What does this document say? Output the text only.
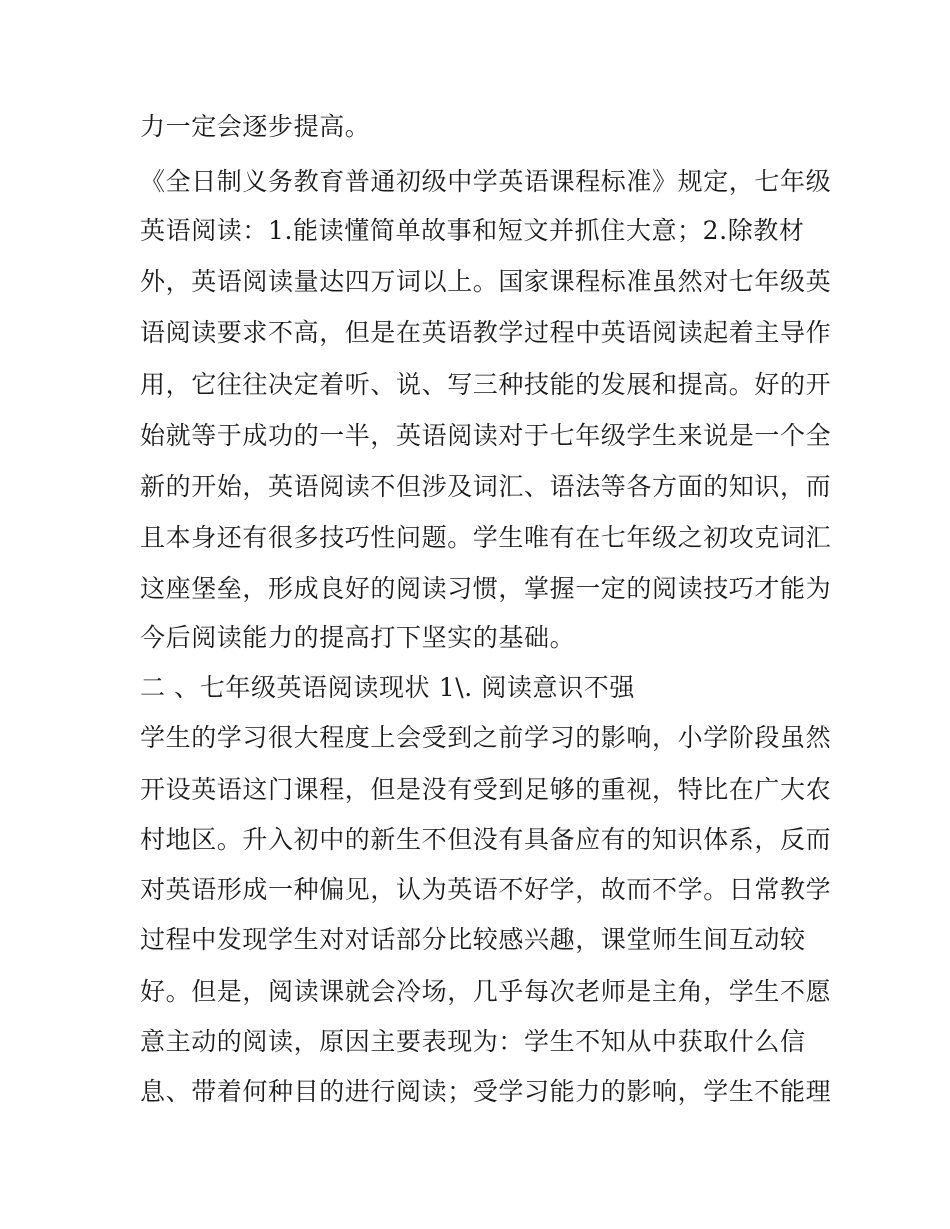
力一定会逐步提高。
《全日制义务教育普通初级中学英语课程标准》规定，七年级
英语阅读：1.能读懂简单故事和短文并抓住大意；2.除教材
外，英语阅读量达四万词以上。国家课程标准虽然对七年级英
语阅读要求不高，但是在英语教学过程中英语阅读起着主导作
用，它往往决定着听、说、写三种技能的发展和提高。好的开
始就等于成功的一半，英语阅读对于七年级学生来说是一个全
新的开始，英语阅读不但涉及词汇、语法等各方面的知识，而
且本身还有很多技巧性问题。学生唯有在七年级之初攻克词汇
这座堡垒，形成良好的阅读习惯，掌握一定的阅读技巧才能为
今后阅读能力的提高打下坚实的基础。
二 、七年级英语阅读现状 1\. 阅读意识不强
学生的学习很大程度上会受到之前学习的影响，小学阶段虽然
开设英语这门课程，但是没有受到足够的重视，特比在广大农
村地区。升入初中的新生不但没有具备应有的知识体系，反而
对英语形成一种偏见，认为英语不好学，故而不学。日常教学
过程中发现学生对对话部分比较感兴趣，课堂师生间互动较
好。但是，阅读课就会冷场，几乎每次老师是主角，学生不愿
意主动的阅读，原因主要表现为：学生不知从中获取什么信
息、带着何种目的进行阅读；受学习能力的影响，学生不能理
